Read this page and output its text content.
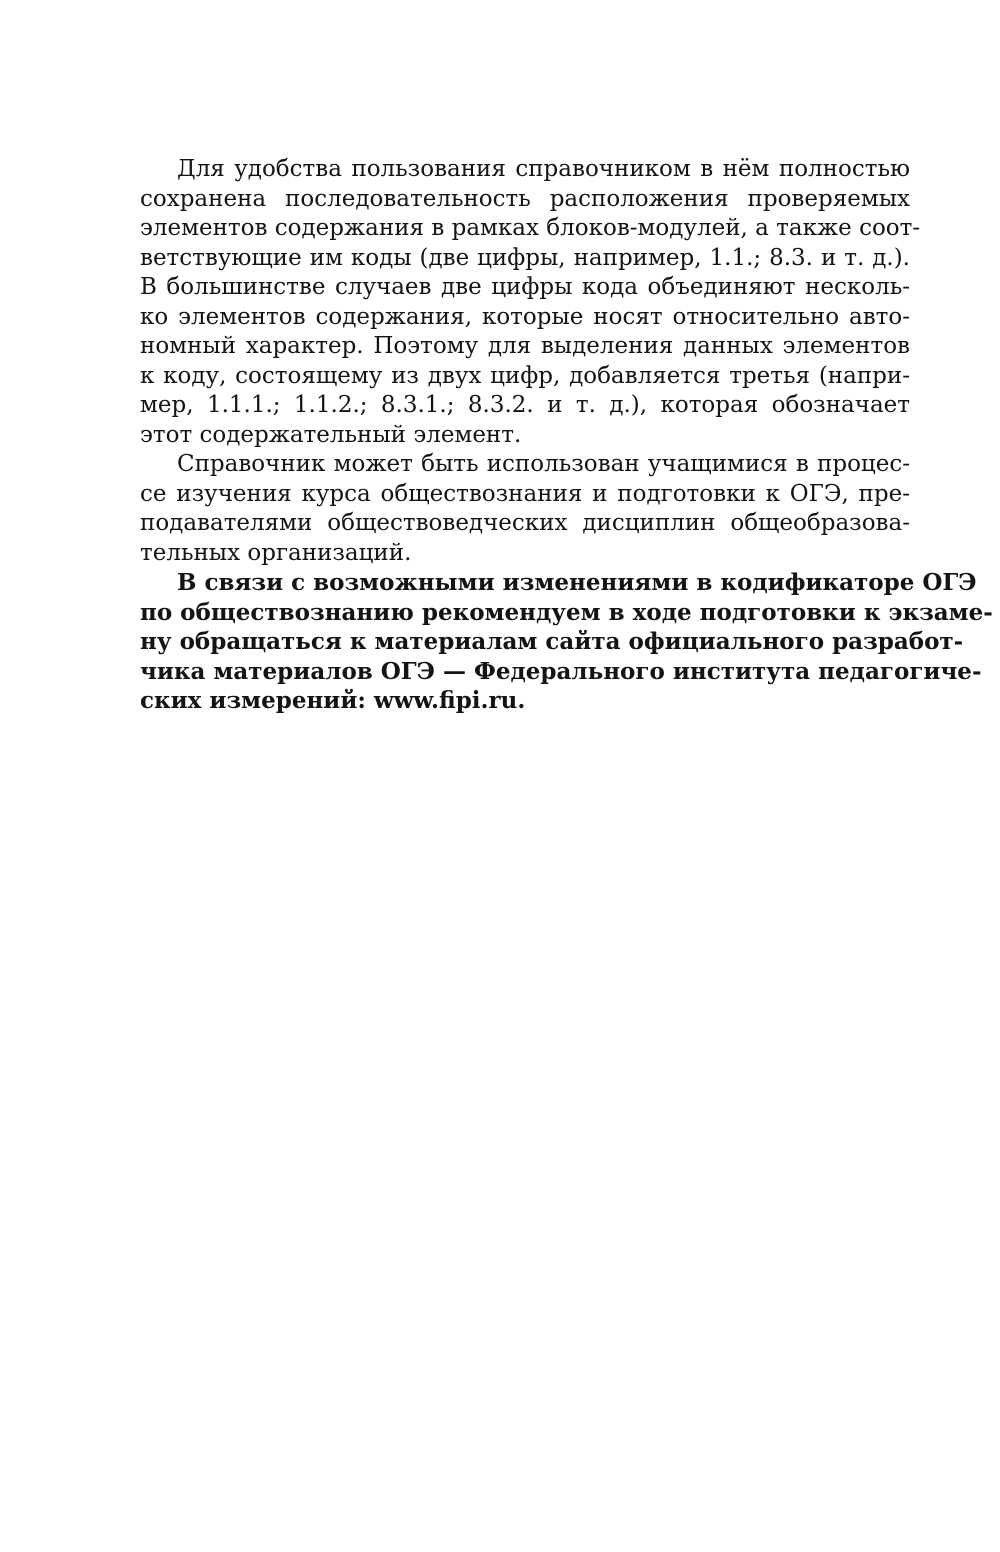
Для удобства пользования справочником в нём полностью
сохранена последовательность расположения проверяемых
элементов содержания в рамках блоков-модулей, а также соот-
ветствующие им коды (две цифры, например, 1.1.; 8.3. и т. д.).
В большинстве случаев две цифры кода объединяют несколь-
ко элементов содержания, которые носят относительно авто-
номный характер. Поэтому для выделения данных элементов
к коду, состоящему из двух цифр, добавляется третья (напри-
мер, 1.1.1.; 1.1.2.; 8.3.1.; 8.3.2. и т. д.), которая обозначает
этот содержательный элемент.
Справочник может быть использован учащимися в процес-
се изучения курса обществознания и подготовки к ОГЭ, пре-
подавателями обществоведческих дисциплин общеобразова-
тельных организаций.
В связи с возможными изменениями в кодификаторе ОГЭ
по обществознанию рекомендуем в ходе подготовки к экзаме-
ну обращаться к материалам сайта официального разработ-
чика материалов ОГЭ — Федерального института педагогиче-
ских измерений: www.fipi.ru.
